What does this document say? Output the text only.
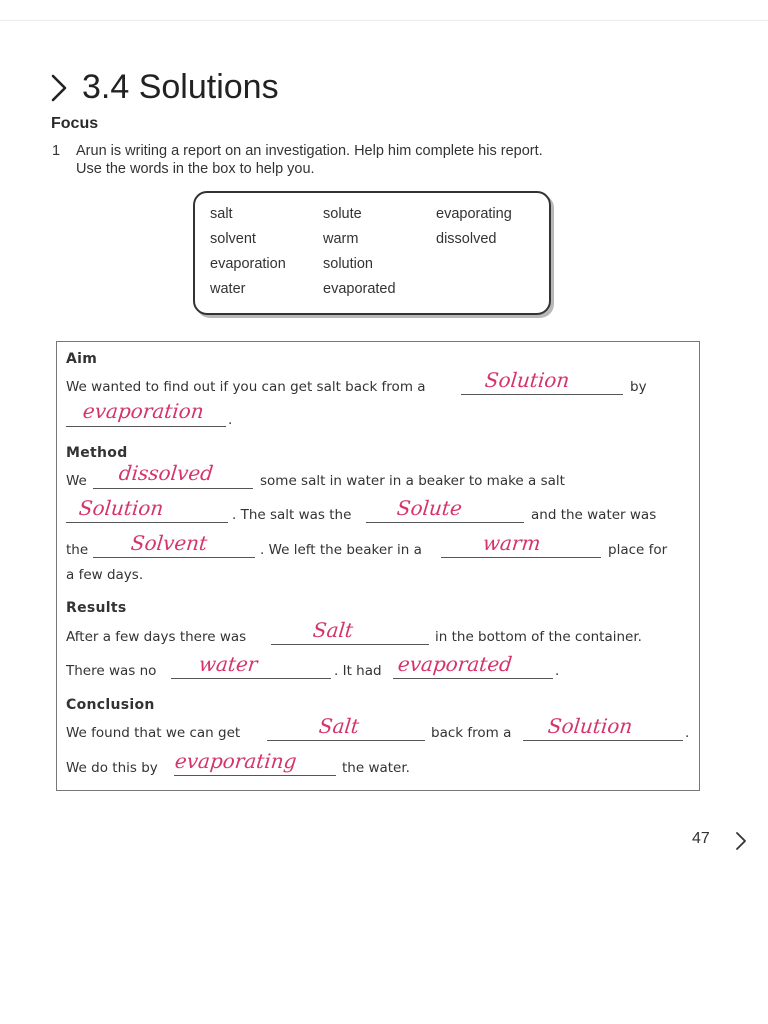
3.4 Solutions
Focus
1 Arun is writing a report on an investigation. Help him complete his report.
Use the words in the box to help you.
salt	solute	evaporating
solvent	warm	dissolved
evaporation	solution
water	evaporated
Aim
We wanted to find out if you can get salt back from a	Solution	by
evaporation .
Method
We dissolved	some salt in water in a beaker to make a salt
Solution	. The salt was the Solute	and the water was
the Solvent	. We left the beaker in a	warm	place for
a few days.
Results
After a few days there was	Salt	in the bottom of the container.
There was no water	. It had evaporated	.
Conclusion
We found that we can get	Salt	back from a Solution	.
We do this by evaporating	the water.
47
